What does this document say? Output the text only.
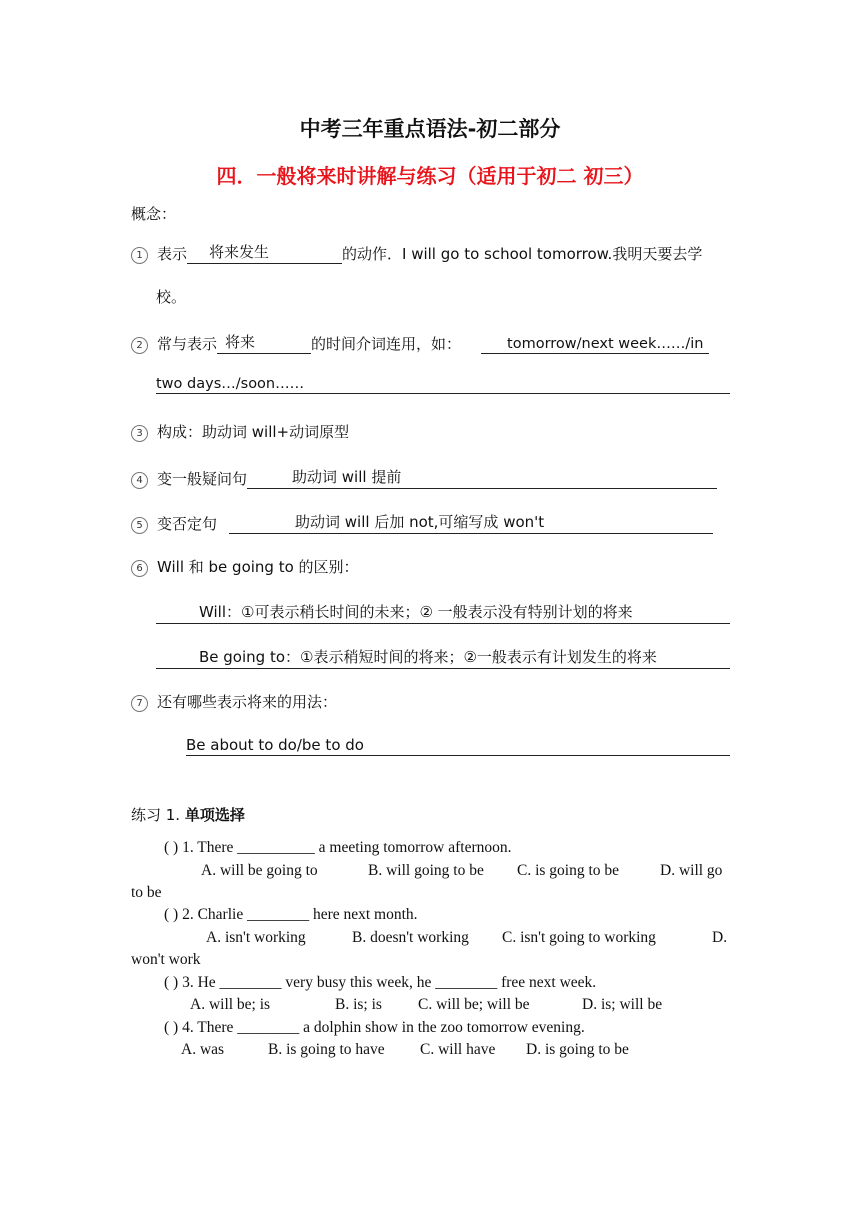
中考三年重点语法-初二部分
四．一般将来时讲解与练习（适用于初二 初三）
概念：
1 表示	将来发生	的动作．I will go to school tomorrow.我明天要去学
校。
2 常与表示 将来	的时间介词连用，如：	tomorrow/next week……/in
two days…/soon……
3 构成：助动词 will+动词原型
4 变一般疑问句	助动词 will 提前
5 变否定句	助动词 will 后加 not,可缩写成 won't
6 Will 和 be going to 的区别：
Will：①可表示稍长时间的未来；② 一般表示没有特别计划的将来
Be going to：①表示稍短时间的将来；②一般表示有计划发生的将来
7 还有哪些表示将来的用法：
Be about to do/be to do
练习 1. 单项选择
( ) 1. There __________ a meeting tomorrow afternoon.
A. will be going to	B. will going to be C. is going to be	D. will go
to be
( ) 2. Charlie ________ here next month.
A. isn't working	B. doesn't working C. isn't going to working	D.
won't work
( ) 3. He ________ very busy this week, he ________ free next week.
A. will be; is	B. is; is C. will be; will be	D. is; will be
( ) 4. There ________ a dolphin show in the zoo tomorrow evening.
A. was	B. is going to have C. will have D. is going to be
